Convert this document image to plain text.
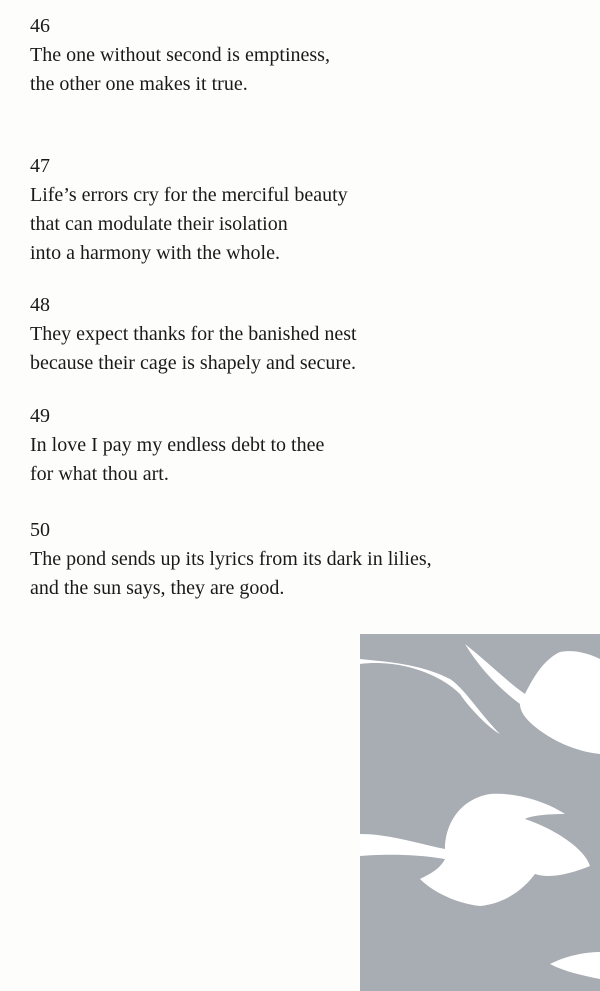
46
The one without second is emptiness,
the other one makes it true.
47
Life’s errors cry for the merciful beauty
that can modulate their isolation
into a harmony with the whole.
48
They expect thanks for the banished nest
because their cage is shapely and secure.
49
In love I pay my endless debt to thee
for what thou art.
50
The pond sends up its lyrics from its dark in lilies,
and the sun says, they are good.
